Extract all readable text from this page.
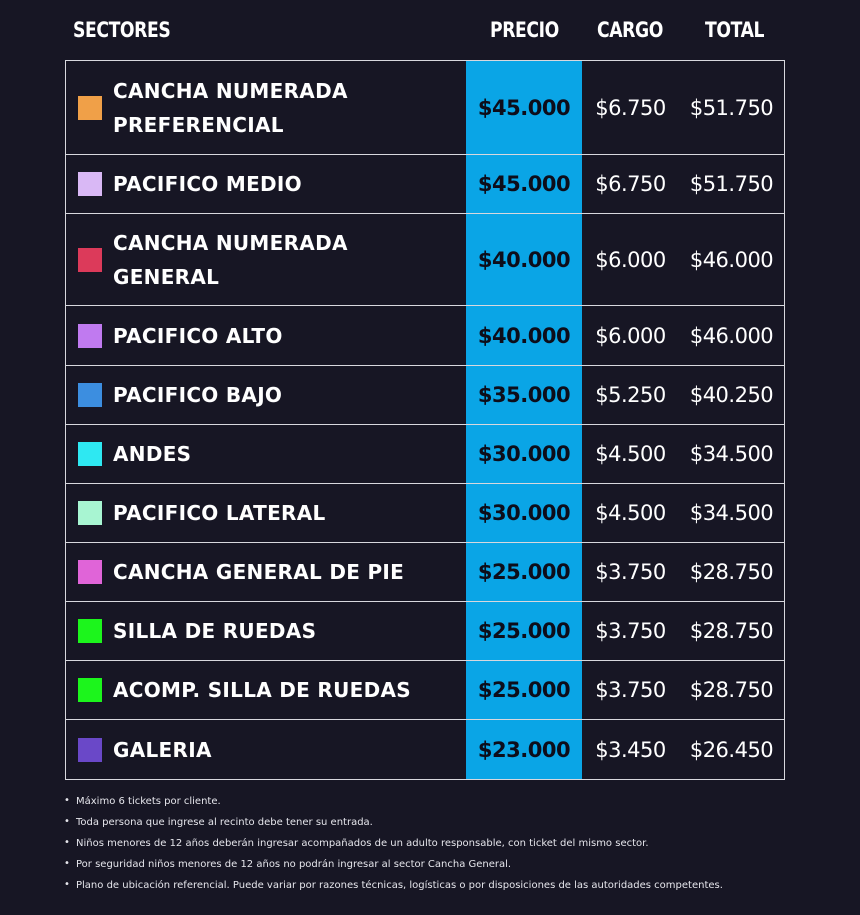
SECTORES	PRECIO CARGO TOTAL
CANCHA NUMERADA
PREFERENCIAL
$45.000	$6.750	$51.750
PACIFICO MEDIO	$45.000	$6.750	$51.750
CANCHA NUMERADA
GENERAL
$40.000	$6.000	$46.000
PACIFICO ALTO	$40.000	$6.000	$46.000
PACIFICO BAJO	$35.000	$5.250	$40.250
ANDES	$30.000	$4.500	$34.500
PACIFICO LATERAL	$30.000	$4.500	$34.500
CANCHA GENERAL DE PIE	$25.000	$3.750	$28.750
SILLA DE RUEDAS	$25.000	$3.750	$28.750
ACOMP. SILLA DE RUEDAS	$25.000	$3.750	$28.750
GALERIA	$23.000	$3.450	$26.450
• Máximo 6 tickets por cliente.
• Toda persona que ingrese al recinto debe tener su entrada.
• Niños menores de 12 años deberán ingresar acompañados de un adulto responsable, con ticket del mismo sector.
• Por seguridad niños menores de 12 años no podrán ingresar al sector Cancha General.
• Plano de ubicación referencial. Puede variar por razones técnicas, logísticas o por disposiciones de las autoridades competentes.
